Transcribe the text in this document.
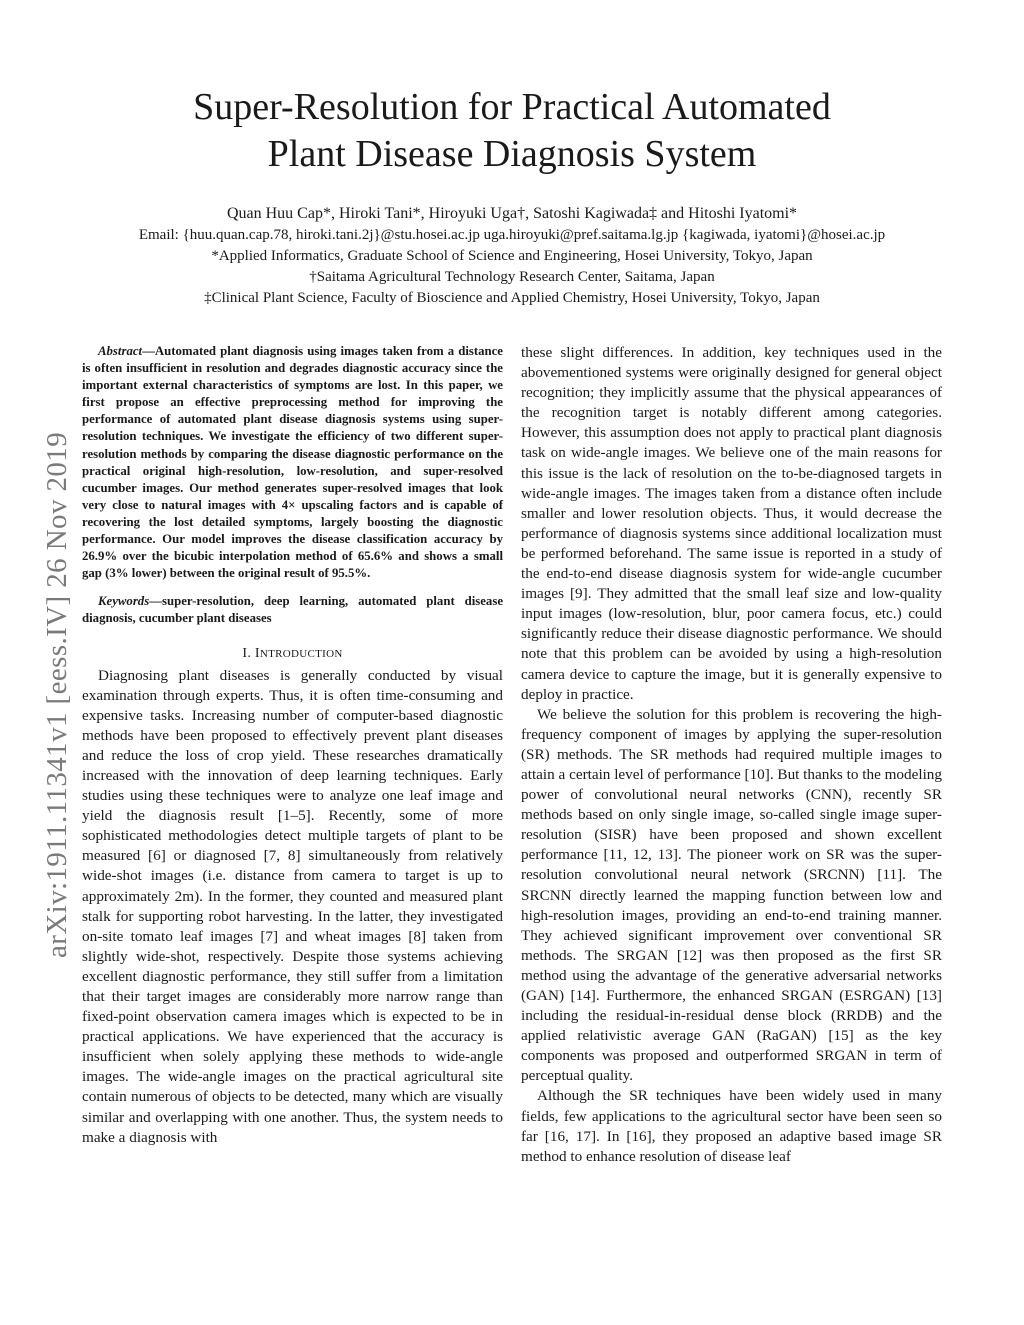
Super-Resolution for Practical Automated
Plant Disease Diagnosis System
Quan Huu Cap*, Hiroki Tani*, Hiroyuki Uga†, Satoshi Kagiwada‡ and Hitoshi Iyatomi*
Email: {huu.quan.cap.78, hiroki.tani.2j}@stu.hosei.ac.jp uga.hiroyuki@pref.saitama.lg.jp {kagiwada, iyatomi}@hosei.ac.jp
*Applied Informatics, Graduate School of Science and Engineering, Hosei University, Tokyo, Japan
†Saitama Agricultural Technology Research Center, Saitama, Japan
‡Clinical Plant Science, Faculty of Bioscience and Applied Chemistry, Hosei University, Tokyo, Japan
arXiv:1911.11341v1 [eess.IV] 26 Nov 2019

Abstract—Automated plant diagnosis using images taken from a distance is often insufficient in resolution and degrades diagnostic accuracy since the important external characteristics of symptoms are lost. In this paper, we first propose an effective preprocessing method for improving the performance of automated plant disease diagnosis systems using super-resolution techniques. We investigate the efficiency of two different super-resolution methods by comparing the disease diagnostic performance on the practical original high-resolution, low-resolution, and super-resolved cucumber images. Our method generates super-resolved images that look very close to natural images with 4× upscaling factors and is capable of recovering the lost detailed symptoms, largely boosting the diagnostic performance. Our model improves the disease classification accuracy by 26.9% over the bicubic interpolation method of 65.6% and shows a small gap (3% lower) between the original result of 95.5%.

Keywords—super-resolution, deep learning, automated plant disease diagnosis, cucumber plant diseases

I. INTRODUCTION

Diagnosing plant diseases is generally conducted by visual examination through experts. Thus, it is often time-consuming and expensive tasks. Increasing number of computer-based diagnostic methods have been proposed to effectively prevent plant diseases and reduce the loss of crop yield. These researches dramatically increased with the innovation of deep learning techniques. Early studies using these techniques were to analyze one leaf image and yield the diagnosis result [1–5]. Recently, some of more sophisticated methodologies detect multiple targets of plant to be measured [6] or diagnosed [7, 8] simultaneously from relatively wide-shot images (i.e. distance from camera to target is up to approximately 2m). In the former, they counted and measured plant stalk for supporting robot harvesting. In the latter, they investigated on-site tomato leaf images [7] and wheat images [8] taken from slightly wide-shot, respectively. Despite those systems achieving excellent diagnostic performance, they still suffer from a limitation that their target images are considerably more narrow range than fixed-point observation camera images which is expected to be in practical applications. We have experienced that the accuracy is insufficient when solely applying these methods to wide-angle images. The wide-angle images on the practical agricultural site contain numerous of objects to be detected, many which are visually similar and overlapping with one another. Thus, the system needs to make a diagnosis with

these slight differences. In addition, key techniques used in the abovementioned systems were originally designed for general object recognition; they implicitly assume that the physical appearances of the recognition target is notably different among categories. However, this assumption does not apply to practical plant diagnosis task on wide-angle images. We believe one of the main reasons for this issue is the lack of resolution on the to-be-diagnosed targets in wide-angle images. The images taken from a distance often include smaller and lower resolution objects. Thus, it would decrease the performance of diagnosis systems since additional localization must be performed beforehand. The same issue is reported in a study of the end-to-end disease diagnosis system for wide-angle cucumber images [9]. They admitted that the small leaf size and low-quality input images (low-resolution, blur, poor camera focus, etc.) could significantly reduce their disease diagnostic performance. We should note that this problem can be avoided by using a high-resolution camera device to capture the image, but it is generally expensive to deploy in practice.

We believe the solution for this problem is recovering the high-frequency component of images by applying the super-resolution (SR) methods. The SR methods had required multiple images to attain a certain level of performance [10]. But thanks to the modeling power of convolutional neural networks (CNN), recently SR methods based on only single image, so-called single image super-resolution (SISR) have been proposed and shown excellent performance [11, 12, 13]. The pioneer work on SR was the super-resolution convolutional neural network (SRCNN) [11]. The SRCNN directly learned the mapping function between low and high-resolution images, providing an end-to-end training manner. They achieved significant improvement over conventional SR methods. The SRGAN [12] was then proposed as the first SR method using the advantage of the generative adversarial networks (GAN) [14]. Furthermore, the enhanced SRGAN (ESRGAN) [13] including the residual-in-residual dense block (RRDB) and the applied relativistic average GAN (RaGAN) [15] as the key components was proposed and outperformed SRGAN in term of perceptual quality.

Although the SR techniques have been widely used in many fields, few applications to the agricultural sector have been seen so far [16, 17]. In [16], they proposed an adaptive based image SR method to enhance resolution of disease leaf
